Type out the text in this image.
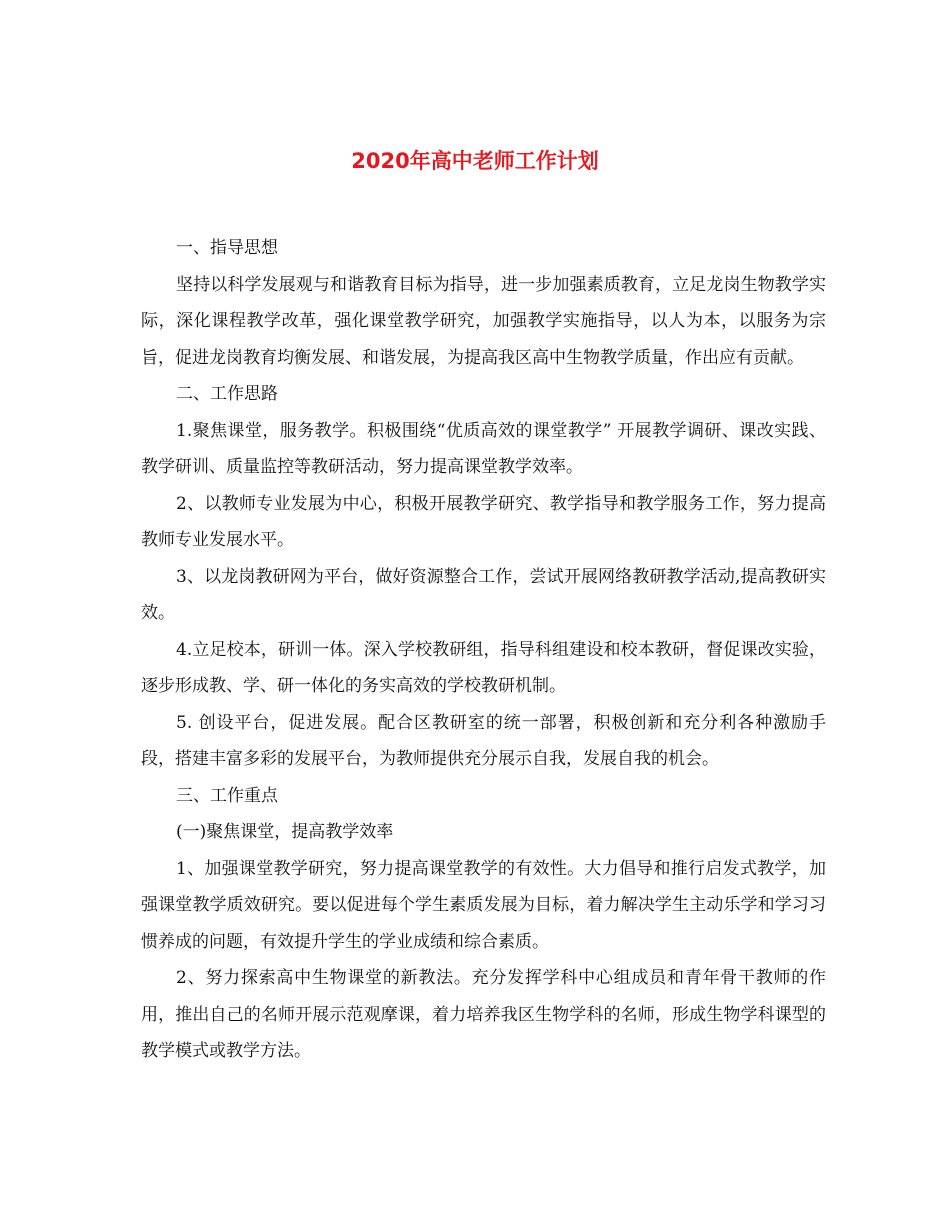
2020年高中老师工作计划

一、指导思想

坚持以科学发展观与和谐教育目标为指导，进一步加强素质教育，立足龙岗生物教学实际，深化课程教学改革，强化课堂教学研究，加强教学实施指导，以人为本，以服务为宗旨，促进龙岗教育均衡发展、和谐发展，为提高我区高中生物教学质量，作出应有贡献。

二、工作思路

1.聚焦课堂，服务教学。积极围绕“优质高效的课堂教学” 开展教学调研、课改实践、教学研训、质量监控等教研活动，努力提高课堂教学效率。

2、以教师专业发展为中心，积极开展教学研究、教学指导和教学服务工作，努力提高教师专业发展水平。

3、以龙岗教研网为平台，做好资源整合工作，尝试开展网络教研教学活动,提高教研实效。

4.立足校本，研训一体。深入学校教研组，指导科组建设和校本教研，督促课改实验，逐步形成教、学、研一体化的务实高效的学校教研机制。

5. 创设平台，促进发展。配合区教研室的统一部署，积极创新和充分利各种激励手段，搭建丰富多彩的发展平台，为教师提供充分展示自我，发展自我的机会。

三、工作重点

(一)聚焦课堂，提高教学效率

1、加强课堂教学研究，努力提高课堂教学的有效性。大力倡导和推行启发式教学，加强课堂教学质效研究。要以促进每个学生素质发展为目标，着力解决学生主动乐学和学习习惯养成的问题，有效提升学生的学业成绩和综合素质。

2、努力探索高中生物课堂的新教法。充分发挥学科中心组成员和青年骨干教师的作用，推出自己的名师开展示范观摩课，着力培养我区生物学科的名师，形成生物学科课型的教学模式或教学方法。
